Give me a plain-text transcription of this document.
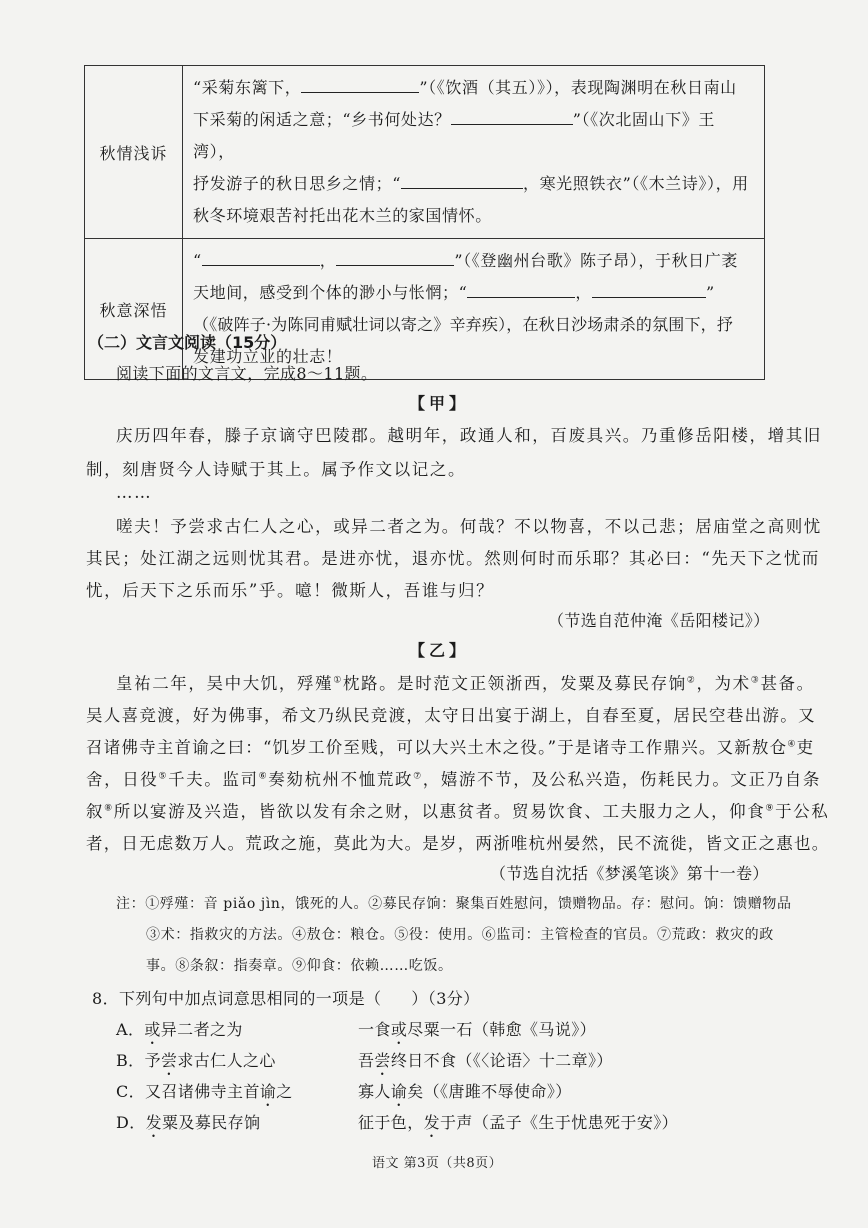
秋情浅诉	“采菊东篱下， ”（《饮酒（其五）》），表现陶渊明在秋日南山
下采菊的闲适之意；“乡书何处达？ ”（《次北固山下》王湾），
抒发游子的秋日思乡之情；“ ，寒光照铁衣”（《木兰诗》），用
秋冬环境艰苦衬托出花木兰的家国情怀。

秋意深悟	“ ， ”（《登幽州台歌》陈子昂），于秋日广袤
天地间，感受到个体的渺小与怅惘；“ ， ”
（《破阵子·为陈同甫赋壮词以寄之》辛弃疾），在秋日沙场肃杀的氛围下，抒
发建功立业的壮志！
（二）文言文阅读（15分）
阅读下面的文言文，完成8～11题。
【甲】
庆历四年春，滕子京谪守巴陵郡。越明年，政通人和，百废具兴。乃重修岳阳楼，增其旧
制，刻唐贤今人诗赋于其上。属予作文以记之。
……
嗟夫！予尝求古仁人之心，或异二者之为。何哉？不以物喜，不以己悲；居庙堂之高则忧
其民；处江湖之远则忧其君。是进亦忧，退亦忧。然则何时而乐耶？其必曰：“先天下之忧而
忧，后天下之乐而乐”乎。噫！微斯人，吾谁与归？
（节选自范仲淹《岳阳楼记》）
【乙】
皇祐二年，吴中大饥，殍殣①枕路。是时范文正领浙西，发粟及募民存饷②，为术③甚备。
吴人喜竞渡，好为佛事，希文乃纵民竞渡，太守日出宴于湖上，自春至夏，居民空巷出游。又
召诸佛寺主首谕之曰：“饥岁工价至贱，可以大兴土木之役。”于是诸寺工作鼎兴。又新敖仓④吏
舍，日役⑤千夫。监司⑥奏劾杭州不恤荒政⑦，嬉游不节，及公私兴造，伤耗民力。文正乃自条
叙⑧所以宴游及兴造，皆欲以发有余之财，以惠贫者。贸易饮食、工夫服力之人，仰食⑨于公私
者，日无虑数万人。荒政之施，莫此为大。是岁，两浙唯杭州晏然，民不流徙，皆文正之惠也。
（节选自沈括《梦溪笔谈》第十一卷）
注：①殍殣：音 piǎo jìn，饿死的人。②募民存饷：聚集百姓慰问，馈赠物品。存：慰问。饷：馈赠物品
③术：指救灾的方法。④敖仓：粮仓。⑤役：使用。⑥监司：主管检查的官员。⑦荒政：救灾的政
事。⑧条叙：指奏章。⑨仰食：依赖……吃饭。
8．下列句中加点词意思相同的一项是（ ）（3分）
A．或异二者之为	一食或尽粟一石（韩愈《马说》）
B．予尝求古仁人之心	吾尝终日不食（《〈论语〉十二章》）
C．又召诸佛寺主首谕之	寡人谕矣（《唐雎不辱使命》）
D．发粟及募民存饷	征于色，发于声（孟子《生于忧患死于安》）
语文 第3页（共8页）
